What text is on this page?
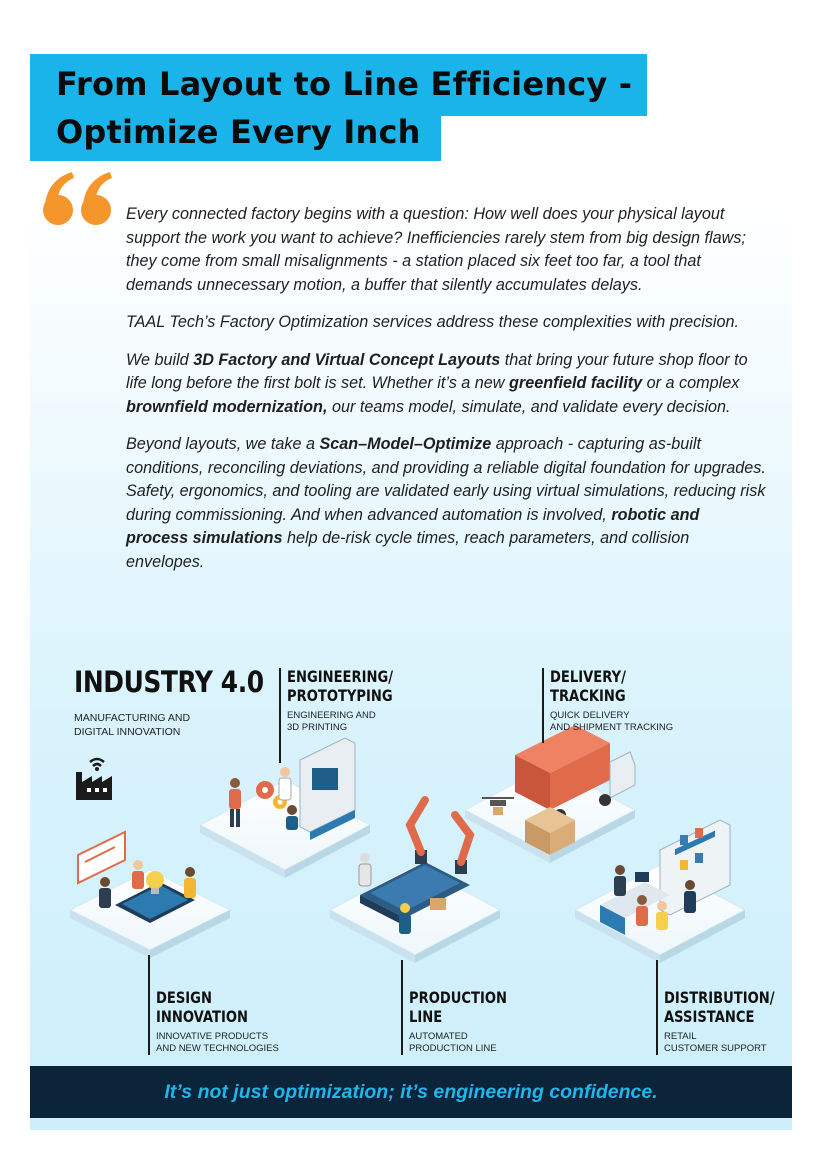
From Layout to Line Efficiency -
Optimize Every Inch

Every connected factory begins with a question: How well does your physical layout support the work you want to achieve? Inefficiencies rarely stem from big design flaws; they come from small misalignments - a station placed six feet too far, a tool that demands unnecessary motion, a buffer that silently accumulates delays.

TAAL Tech’s Factory Optimization services address these complexities with precision.

We build 3D Factory and Virtual Concept Layouts that bring your future shop floor to life long before the first bolt is set. Whether it’s a new greenfield facility or a complex brownfield modernization, our teams model, simulate, and validate every decision.

Beyond layouts, we take a Scan–Model–Optimize approach - capturing as-built conditions, reconciling deviations, and providing a reliable digital foundation for upgrades. Safety, ergonomics, and tooling are validated early using virtual simulations, reducing risk during commissioning. And when advanced automation is involved, robotic and process simulations help de-risk cycle times, reach parameters, and collision envelopes.

INDUSTRY 4.0
MANUFACTURING AND
DIGITAL INNOVATION
ENGINEERING/
PROTOTYPING
ENGINEERING AND
3D PRINTING
DELIVERY/
TRACKING
QUICK DELIVERY
AND SHIPMENT TRACKING
DESIGN
INNOVATION
INNOVATIVE PRODUCTS
AND NEW TECHNOLOGIES
PRODUCTION
LINE
AUTOMATED
PRODUCTION LINE
DISTRIBUTION/
ASSISTANCE
RETAIL
CUSTOMER SUPPORT
It’s not just optimization; it’s engineering confidence.
